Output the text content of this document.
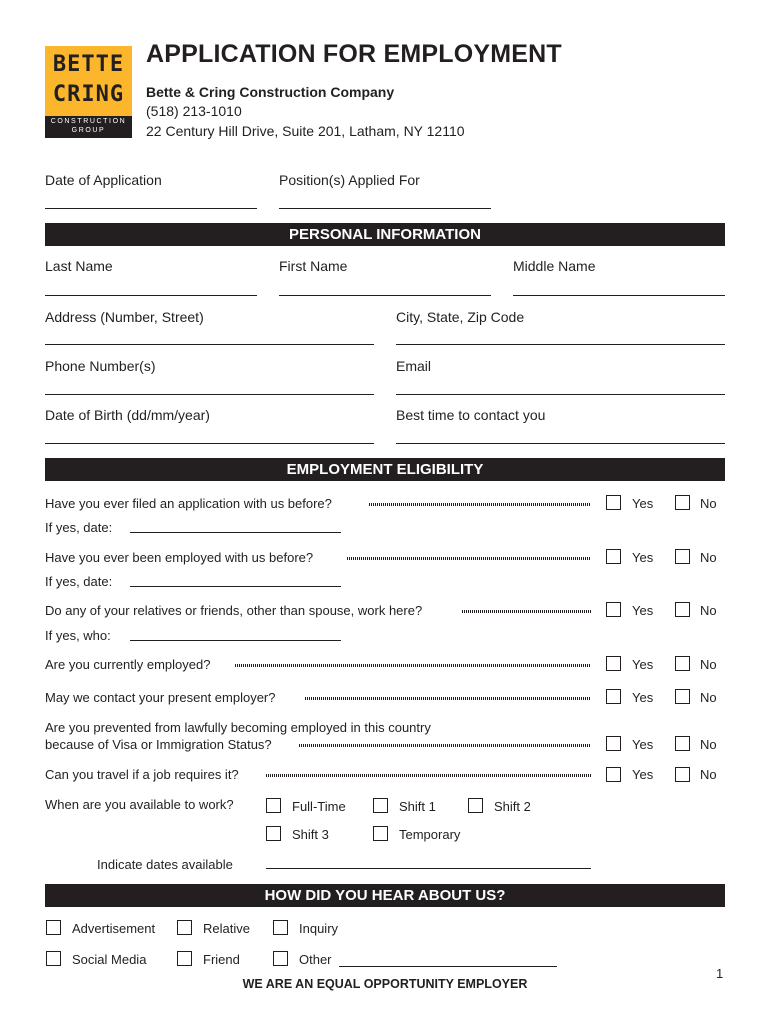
BETTE
CRING
CONSTRUCTION
GROUP
APPLICATION FOR EMPLOYMENT
Bette & Cring Construction Company
(518) 213-1010
22 Century Hill Drive, Suite 201, Latham, NY 12110
Date of Application	Position(s) Applied For
PERSONAL INFORMATION
Last Name	First Name	Middle Name
Address (Number, Street)	City, State, Zip Code
Phone Number(s)	Email
Date of Birth (dd/mm/year)	Best time to contact you
EMPLOYMENT ELIGIBILITY
Have you ever filed an application with us before?	Yes	No
If yes, date:
Have you ever been employed with us before?	Yes	No
If yes, date:
Do any of your relatives or friends, other than spouse, work here?	Yes	No
If yes, who:
Are you currently employed?	Yes	No
May we contact your present employer?	Yes	No
Are you prevented from lawfully becoming employed in this country
because of Visa or Immigration Status?	Yes	No
Can you travel if a job requires it?	Yes	No
When are you available to work?	Full-Time	Shift 1	Shift 2
Shift 3	Temporary
Indicate dates available
HOW DID YOU HEAR ABOUT US?
Advertisement	Relative	Inquiry
Social Media	Friend	Other
WE ARE AN EQUAL OPPORTUNITY EMPLOYER
1
